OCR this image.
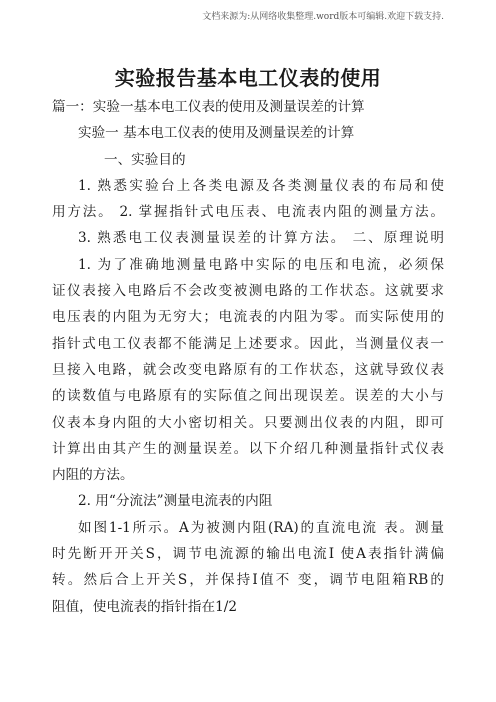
文档来源为:从网络收集整理.word版本可编辑.欢迎下载支持.
实验报告基本电工仪表的使用

篇一：实验一基本电工仪表的使用及测量误差的计算

实验一 基本电工仪表的使用及测量误差的计算

一、实验目的

1. 熟悉实验台上各类电源及各类测量仪表的布局和使

用方法。 2. 掌握指针式电压表、电流表内阻的测量方法。

3. 熟悉电工仪表测量误差的计算方法。 二、原理说明

1. 为了准确地测量电路中实际的电压和电流，必须保

证仪表接入电路后不会改变被测电路的工作状态。这就要求

电压表的内阻为无穷大；电流表的内阻为零。而实际使用的

指针式电工仪表都不能满足上述要求。因此，当测量仪表一

旦接入电路，就会改变电路原有的工作状态，这就导致仪表

的读数值与电路原有的实际值之间出现误差。误差的大小与

仪表本身内阻的大小密切相关。只要测出仪表的内阻，即可

计算出由其产生的测量误差。以下介绍几种测量指针式仪表

内阻的方法。

2. 用“分流法”测量电流表的内阻

如图1-1所示。A为被测内阻(RA)的直流电流 表。测量

时先断开开关S，调节电流源的输出电流I 使A表指针满偏

转。然后合上开关S，并保持I值不 变，调节电阻箱RB的

阻值，使电流表的指针指在1/2
